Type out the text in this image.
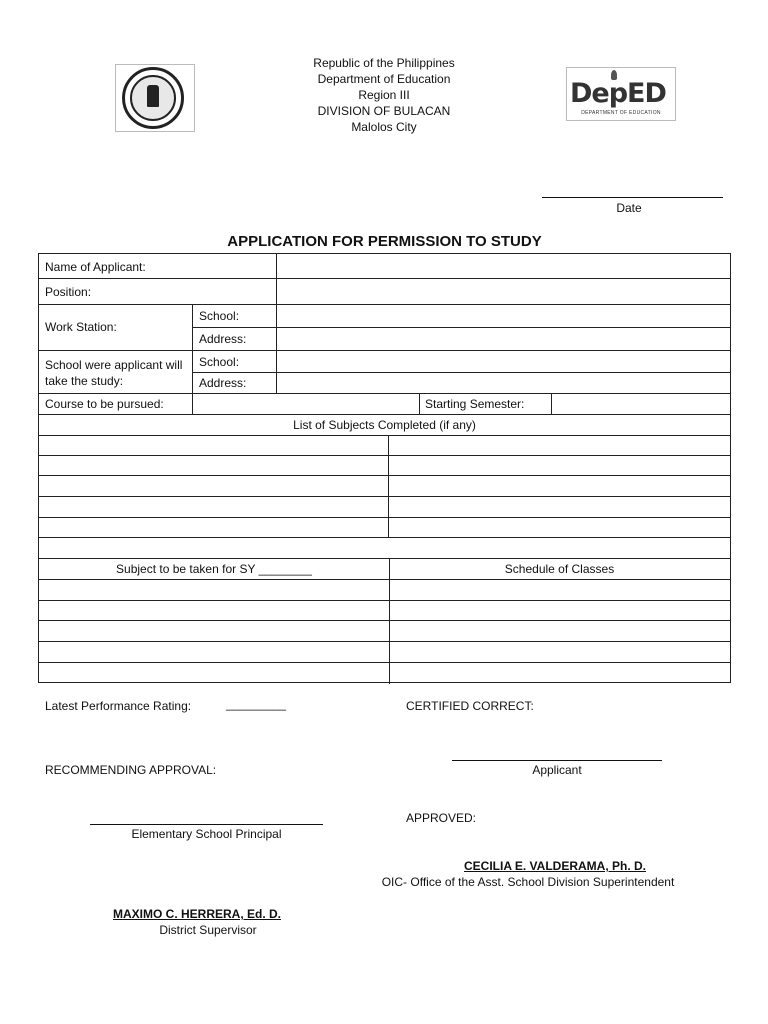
Republic of the Philippines
Department of Education
Region III
DIVISION OF BULACAN
Malolos City
DepED
DEPARTMENT OF EDUCATION
Date
APPLICATION FOR PERMISSION TO STUDY
Name of Applicant:
Position:
Work Station:
School:
Address:
School were applicant will take the study:
School:
Address:
Course to be pursued:	Starting Semester:
List of Subjects Completed (if any)
Subject to be taken for SY ________	Schedule of Classes
Latest Performance Rating:	_________	CERTIFIED CORRECT:
Applicant
RECOMMENDING APPROVAL:
Elementary School Principal
APPROVED:
CECILIA E. VALDERAMA, Ph. D.
OIC- Office of the Asst. School Division Superintendent
MAXIMO C. HERRERA, Ed. D.
District Supervisor
